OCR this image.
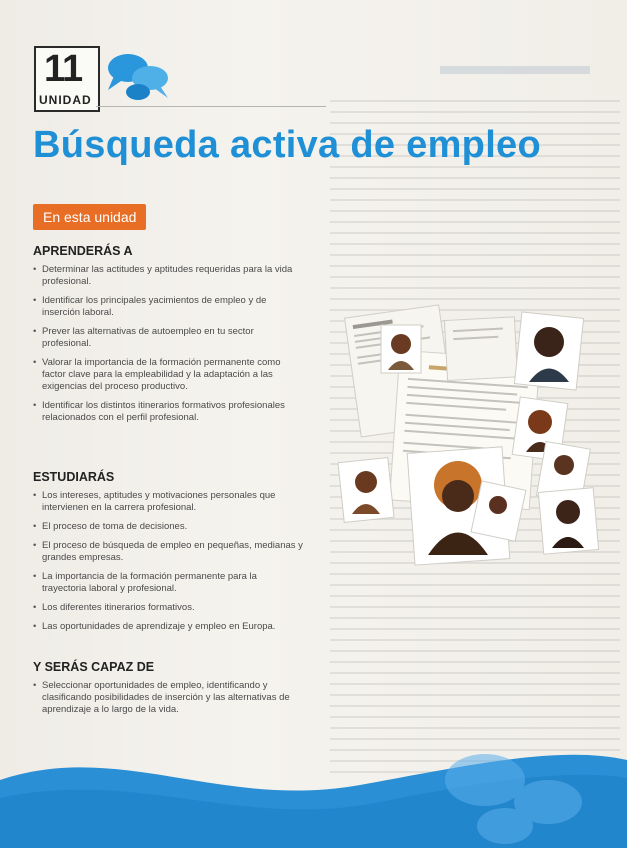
11
UNIDAD
Búsqueda activa de empleo
En esta unidad
APRENDERÁS A
• Determinar las actitudes y aptitudes requeridas para la vida profesional.
• Identificar los principales yacimientos de empleo y de inserción laboral.
• Prever las alternativas de autoempleo en tu sector profesional.
• Valorar la importancia de la formación permanente como factor clave para la empleabilidad y la adaptación a las exigencias del proceso productivo.
• Identificar los distintos itinerarios formativos profesionales relacionados con el perfil profesional.
ESTUDIARÁS
• Los intereses, aptitudes y motivaciones personales que intervienen en la carrera profesional.
• El proceso de toma de decisiones.
• El proceso de búsqueda de empleo en pequeñas, medianas y grandes empresas.
• La importancia de la formación permanente para la trayectoria laboral y profesional.
• Los diferentes itinerarios formativos.
• Las oportunidades de aprendizaje y empleo en Europa.
Y SERÁS CAPAZ DE
• Seleccionar oportunidades de empleo, identificando y clasificando posibilidades de inserción y las alternativas de aprendizaje a lo largo de la vida.
